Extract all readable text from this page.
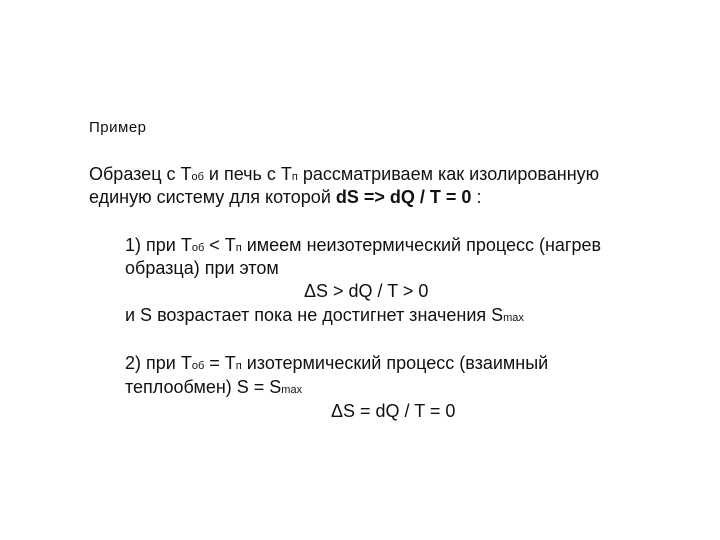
Пример
Образец с Tоб и печь с Tп рассматриваем как изолированную
единую систему для которой dS => dQ / T = 0 :
1) при Tоб < Tп имеем неизотермический процесс (нагрев
образца) при этом
ΔS > dQ / T > 0
и S возрастает пока не достигнет значения Smax
2) при Tоб = Tп изотермический процесс (взаимный
теплообмен) S = Smax
ΔS = dQ / T = 0
